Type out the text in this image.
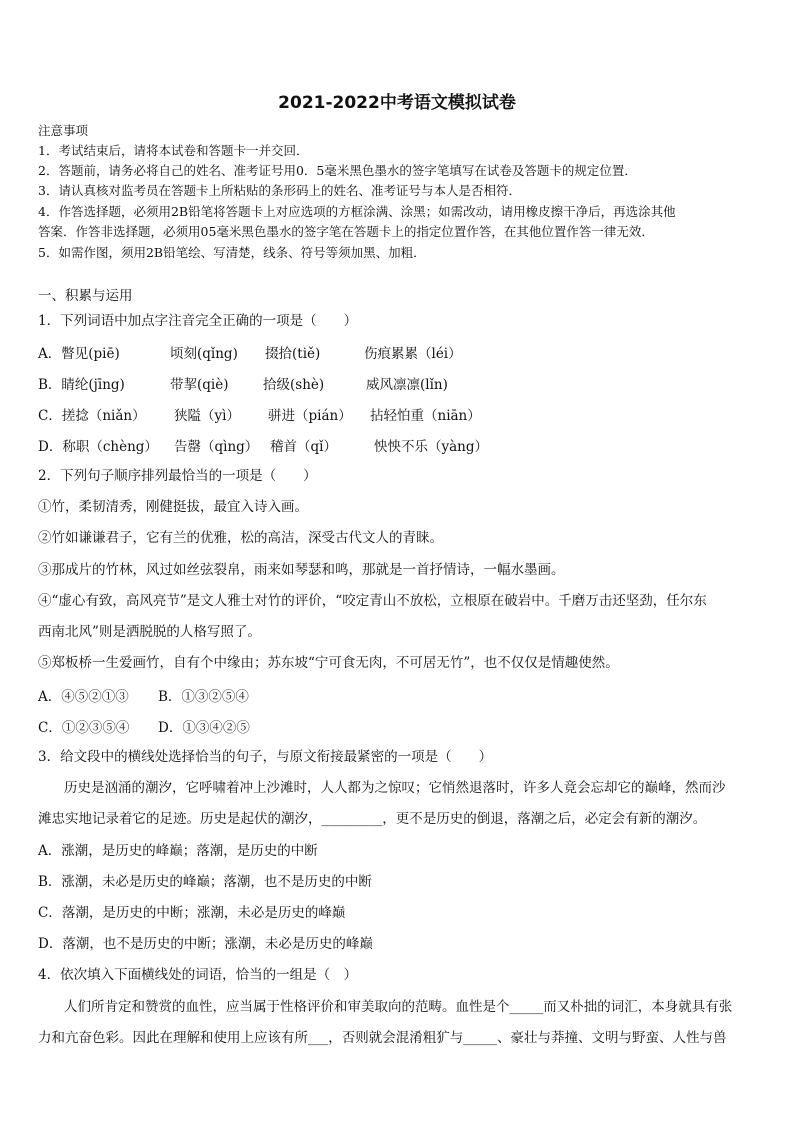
2021-2022中考语文模拟试卷
注意事项
1．考试结束后，请将本试卷和答题卡一并交回．
2．答题前，请务必将自己的姓名、准考证号用0．5毫米黑色墨水的签字笔填写在试卷及答题卡的规定位置．
3．请认真核对监考员在答题卡上所粘贴的条形码上的姓名、准考证号与本人是否相符．
4．作答选择题，必须用2B铅笔将答题卡上对应选项的方框涂满、涂黑；如需改动，请用橡皮擦干净后，再选涂其他
答案．作答非选择题，必须用05毫米黑色墨水的签字笔在答题卡上的指定位置作答，在其他位置作答一律无效．
5．如需作图，须用2B铅笔绘、写清楚，线条、符号等须加黑、加粗．
一、积累与运用
1．下列词语中加点字注音完全正确的一项是（　　）
A．瞥见(piē)	顷刻(qǐng) 掇拾(tiě)	伤痕累累（léi）
B．睛纶(jīng)	带挈(qiè)	拾级(shè)	威风凛凛(lǐn)
C．搓捻（niǎn） 狭隘（yì） 骈进（pián） 拈轻怕重（niān）
D．称职（chèng） 告罄（qìng） 稽首（qǐ）	怏怏不乐（yàng）
2．下列句子顺序排列最恰当的一项是（　　）
①竹，柔韧清秀，刚健挺拔，最宜入诗入画。
②竹如谦谦君子，它有兰的优雅，松的高洁，深受古代文人的青睐。
③那成片的竹林，风过如丝弦裂帛，雨来如琴瑟和鸣，那就是一首抒情诗，一幅水墨画。
④“虚心有致，高风亮节”是文人雅士对竹的评价，“咬定青山不放松，立根原在破岩中。千磨万击还坚劲，任尔东
西南北风”则是洒脱脱的人格写照了。
⑤郑板桥一生爱画竹，自有个中缘由；苏东坡“宁可食无肉，不可居无竹”，也不仅仅是情趣使然。
A．④⑤②①③ B．①③②⑤④
C．①②③⑤④ D．①③④②⑤
3．给文段中的横线处选择恰当的句子，与原文衔接最紧密的一项是（　　）
历史是汹涌的潮汐，它呼啸着冲上沙滩时，人人都为之惊叹；它悄然退落时，许多人竟会忘却它的巅峰，然而沙
滩忠实地记录着它的足迹。历史是起伏的潮汐，_________，更不是历史的倒退，落潮之后，必定会有新的潮汐。
A．涨潮，是历史的峰巅；落潮，是历史的中断
B．涨潮，未必是历史的峰巅；落潮，也不是历史的中断
C．落潮，是历史的中断；涨潮，未必是历史的峰巅
D．落潮，也不是历史的中断；涨潮，未必是历史的峰巅
4．依次填入下面横线处的词语，恰当的一组是（　）
人们所肯定和赞赏的血性，应当属于性格评价和审美取向的范畴。血性是个_____而又朴拙的词汇，本身就具有张
力和亢奋色彩。因此在理解和使用上应该有所___，否则就会混淆粗犷与_____、豪壮与莽撞、文明与野蛮、人性与兽
